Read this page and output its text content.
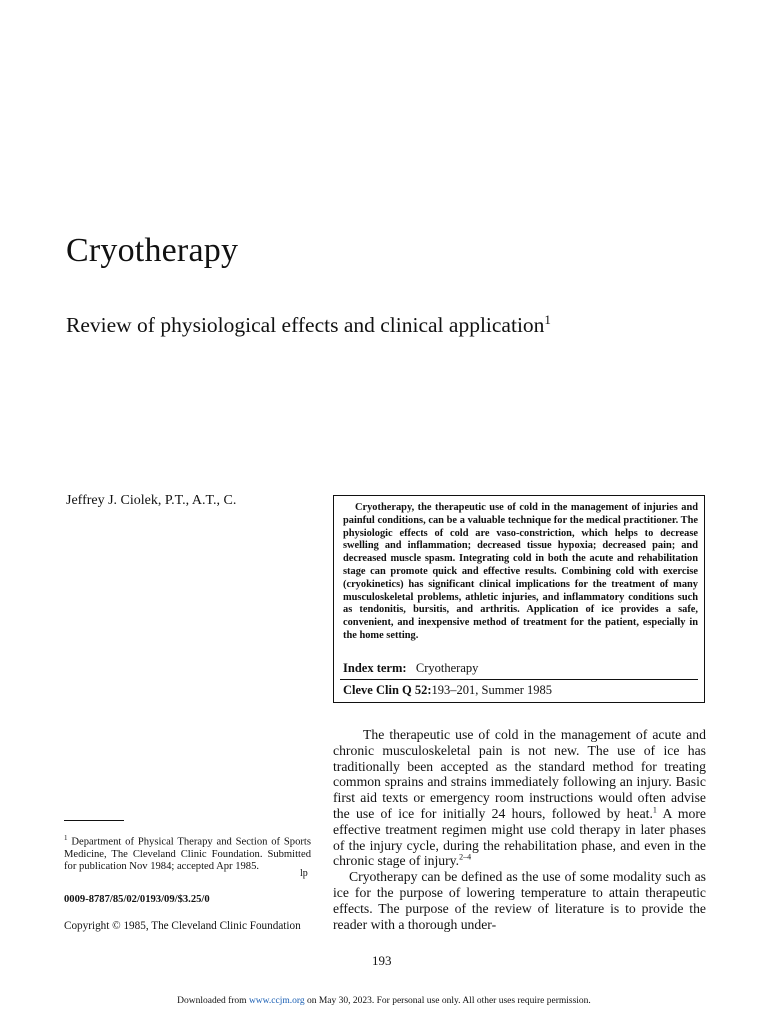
Cryotherapy
Review of physiological effects and clinical application$^1$
Jeffrey J. Ciolek, P.T., A.T., C.	Cryotherapy, the therapeutic use of cold in the management of injuries and painful conditions, can be a valuable technique for the medical practitioner. The physiologic effects of cold are vaso-constriction, which helps to decrease swelling and inflammation; decreased tissue hypoxia; decreased pain; and decreased muscle spasm. Integrating cold in both the acute and rehabilitation stage can promote quick and effective results. Combining cold with exercise (cryokinetics) has significant clinical implications for the treatment of many musculoskeletal problems, athletic injuries, and inflammatory conditions such as tendonitis, bursitis, and arthritis. Application of ice provides a safe, convenient, and inexpensive method of treatment for the patient, especially in the home setting.

Index term: Cryotherapy
Cleve Clin Q 52:193–201, Summer 1985

The therapeutic use of cold in the management of acute and chronic musculoskeletal pain is not new. The use of ice has traditionally been accepted as the standard method for treating common sprains and strains immediately following an injury. Basic first aid texts or emergency room instructions would often advise the use of ice for initially 24 hours, followed by heat.$^1$ A more effective treatment regimen might use cold therapy in later phases of the injury cycle, during the rehabilitation phase, and even in the chronic stage of injury.$^{2-4}$

Cryotherapy can be defined as the use of some modality such as ice for the purpose of lowering temperature to attain therapeutic effects. The purpose of the review of literature is to provide the reader with a thorough under-

$^1$ Department of Physical Therapy and Section of Sports Medicine, The Cleveland Clinic Foundation. Submitted for publication Nov 1984; accepted Apr 1985.
lp
0009-8787/85/02/0193/09/$3.25/0
Copyright © 1985, The Cleveland Clinic Foundation
193
Downloaded from www.ccjm.org on May 30, 2023. For personal use only. All other uses require permission.
